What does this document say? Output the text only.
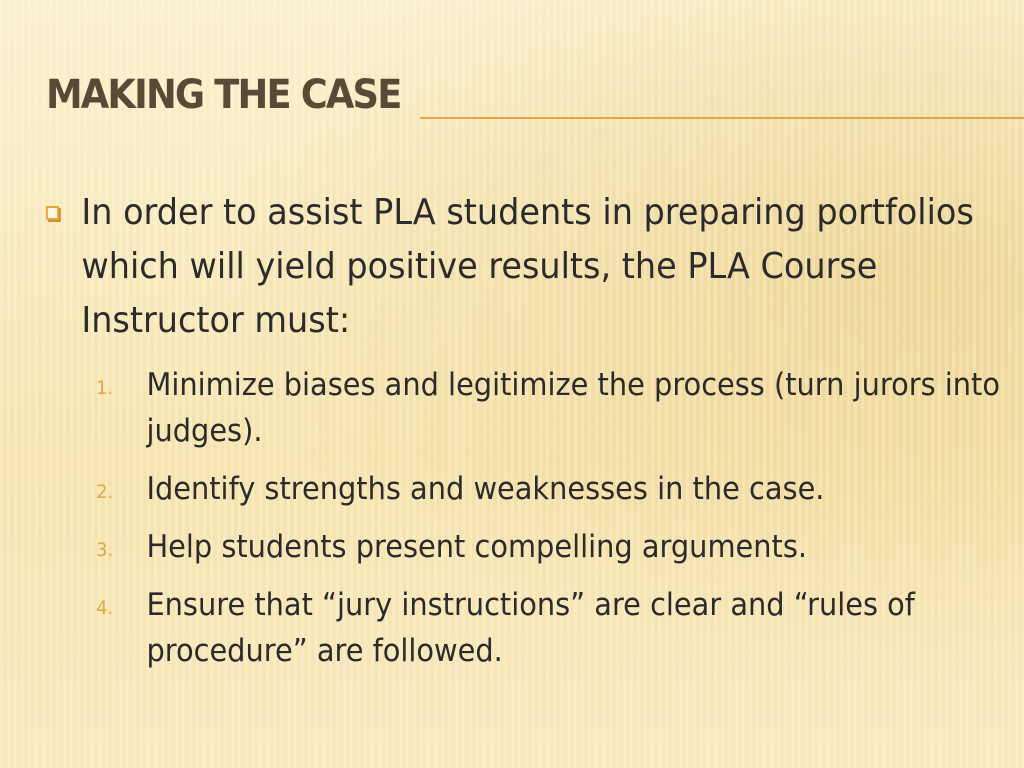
MAKING THE CASE
In order to assist PLA students in preparing portfolios which will yield positive results, the PLA Course Instructor must:
1. Minimize biases and legitimize the process (turn jurors into judges).
2. Identify strengths and weaknesses in the case.
3. Help students present compelling arguments.
4. Ensure that “jury instructions” are clear and “rules of procedure” are followed.
